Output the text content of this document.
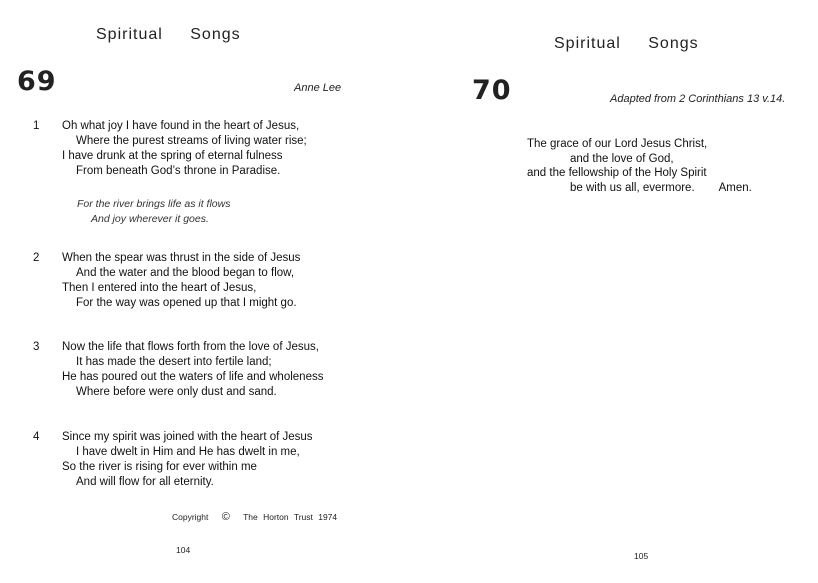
Spiritual Songs
69	Anne Lee
1 Oh what joy I have found in the heart of Jesus,
Where the purest streams of living water rise;
I have drunk at the spring of eternal fulness
From beneath God’s throne in Paradise.
For the river brings life as it flows
And joy wherever it goes.
2 When the spear was thrust in the side of Jesus
And the water and the blood began to flow,
Then I entered into the heart of Jesus,
For the way was opened up that I might go.
3 Now the life that flows forth from the love of Jesus,
It has made the desert into fertile land;
He has poured out the waters of life and wholeness
Where before were only dust and sand.
4 Since my spirit was joined with the heart of Jesus
I have dwelt in Him and He has dwelt in me,
So the river is rising for ever within me
And will flow for all eternity.
Copyright © The Horton Trust 1974
104
Spiritual Songs
70	Adapted from 2 Corinthians 13 v.14.
The grace of our Lord Jesus Christ,
and the love of God,
and the fellowship of the Holy Spirit
be with us all, evermore. Amen.
105
